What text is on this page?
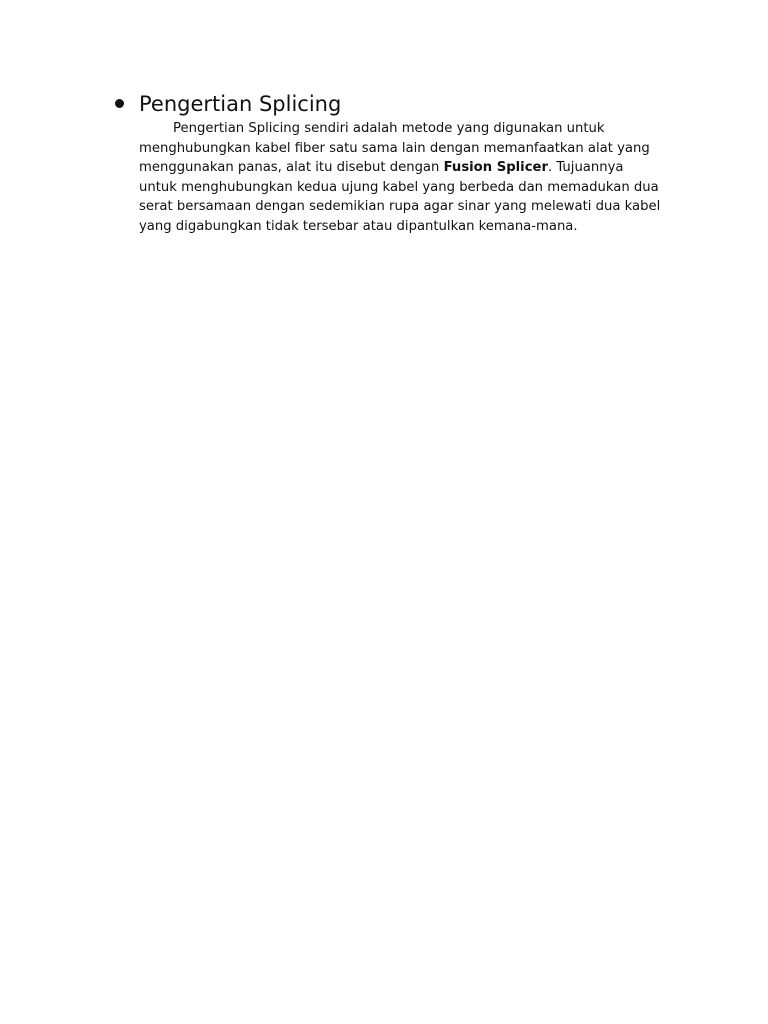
Pengertian Splicing

Pengertian Splicing sendiri adalah metode yang digunakan untuk menghubungkan kabel fiber satu sama lain dengan memanfaatkan alat yang menggunakan panas, alat itu disebut dengan Fusion Splicer. Tujuannya untuk menghubungkan kedua ujung kabel yang berbeda dan memadukan dua serat bersamaan dengan sedemikian rupa agar sinar yang melewati dua kabel yang digabungkan tidak tersebar atau dipantulkan kemana-mana.
